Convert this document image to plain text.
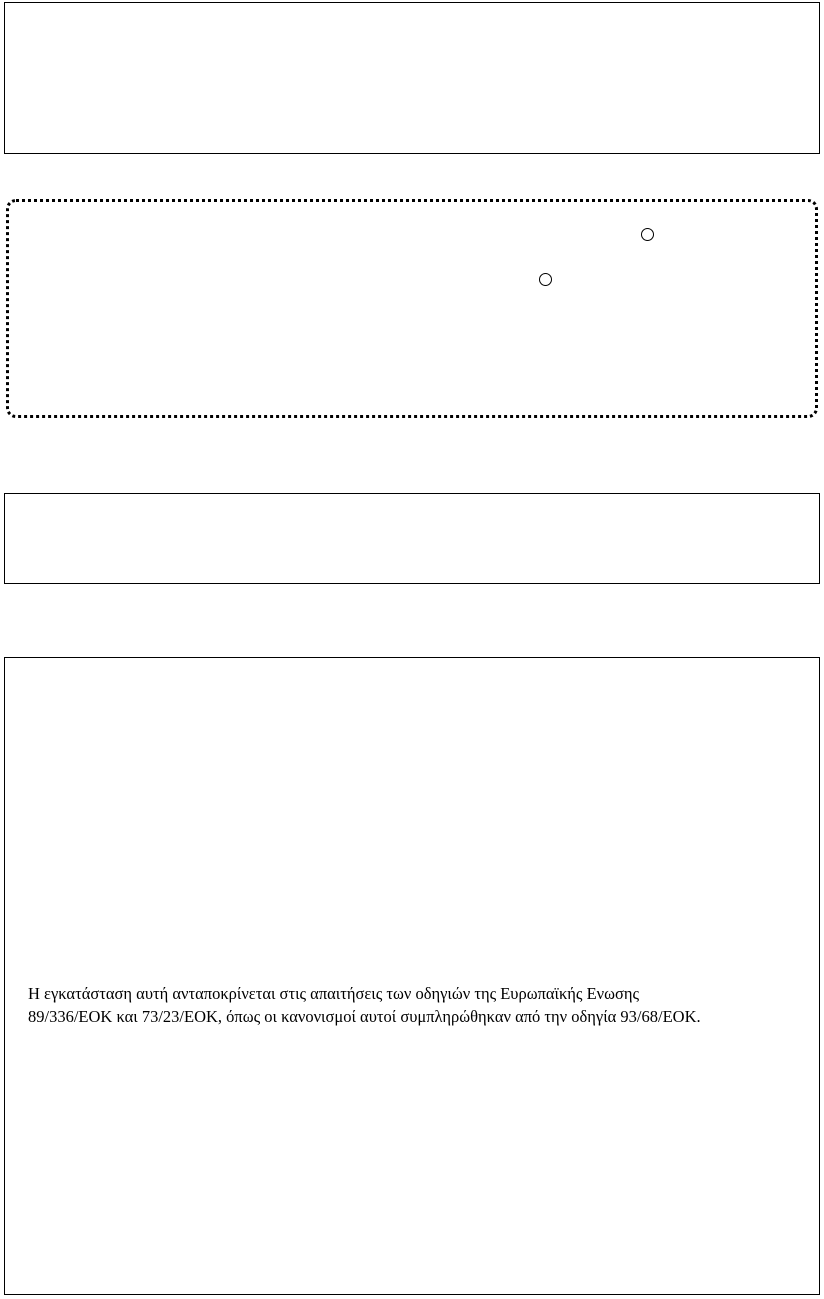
Η εγκατάσταση αυτή ανταποκρίνεται στις απαιτήσεις των οδηγιών της Ευρωπαϊκής Ενωσης
89/336/ΕΟΚ και 73/23/ΕΟΚ, όπως οι κανονισμοί αυτοί συμπληρώθηκαν από την οδηγία 93/68/ΕΟΚ.
